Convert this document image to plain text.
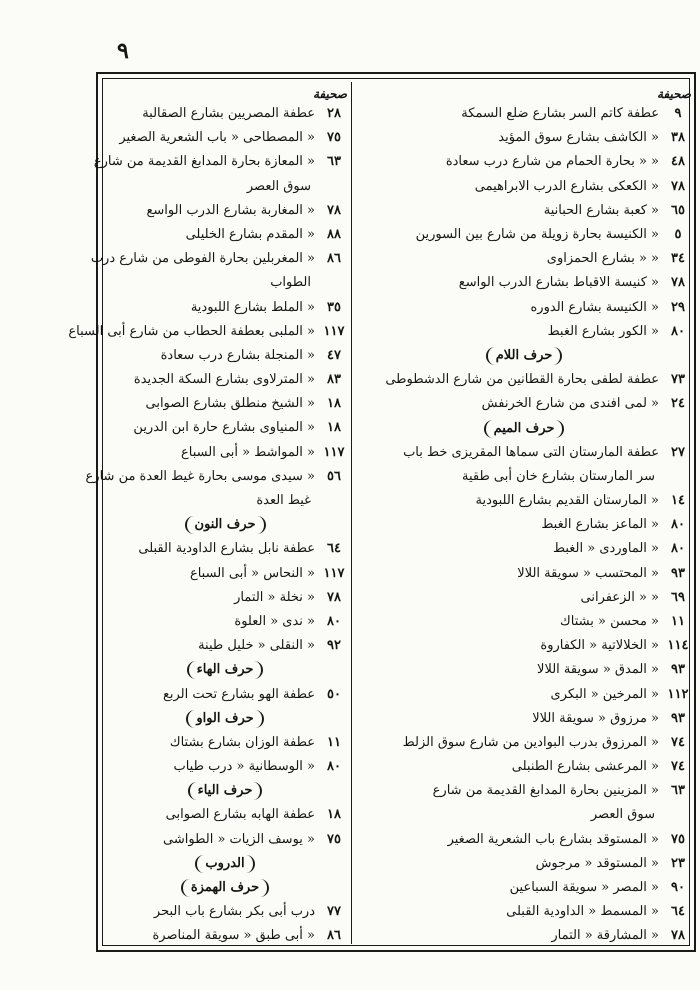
٩
صحيفة
٩
عطفة كاتم السر بشارع ضلع السمكة
٣٨
« الكاشف بشارع سوق المؤيد
٤٨
« « بحارة الحمام من شارع درب سعادة
٧٨
« الكعكى بشارع الدرب الابراهيمى
٦٥
« كعبة بشارع الحبانية
٥
« الكنيسة بحارة زويلة من شارع بين السورين
٣٤
« « بشارع الحمزاوى
٧٨
« كنيسة الاقباط بشارع الدرب الواسع
٢٩
« الكنيسة بشارع الدوره
٨٠
« الكور بشارع الغبط
حرف اللام
٧٣
عطفة لطفى بحارة القطانين من شارع الدشطوطى
٢٤
« لمى افندى من شارع الخرنفش
حرف الميم
٢٧
عطفة المارستان التى سماها المقريزى خط باب
سر المارستان بشارع خان أبى طقية
١٤
« المارستان القديم بشارع اللبودية
٨٠
« الماعز بشارع الغبط
٨٠
« الماوردى « الغبط
٩٣
« المحتسب « سويقة اللالا
٦٩
« « الزعفرانى
١١
« محسن « بشتاك
١١٤
« الخلالاتية « الكفاروة
٩٣
« المدق « سويقة اللالا
١١٢
« المرخين « البكرى
٩٣
« مرزوق « سويقة اللالا
٧٤
« المرزوق بدرب البوادين من شارع سوق الزلط
٧٤
« المرعشى بشارع الطنبلى
٦٣
« المزينين بحارة المدابغ القديمة من شارع
سوق العصر
٧٥
« المستوقد بشارع باب الشعرية الصغير
٢٣
« المستوقد « مرجوش
٩٠
« المصر « سويقة السباعين
٦٤
« المسمط « الداودية القبلى
٧٨
« المشارقة « التمار
صحيفة
٢٨
عطفة المصريين بشارع الصقالبة
٧٥
« المصطاحى « باب الشعرية الصغير
٦٣
« المعازة بحارة المدابغ القديمة من شارع
سوق العصر
٧٨
« المغاربة بشارع الدرب الواسع
٨٨
« المقدم بشارع الخليلى
٨٦
« المغربلين بحارة الفوطى من شارع درب
الطواب
٣٥
« الملط بشارع اللبودية
١١٧
« الملبى بعطفة الحطاب من شارع أبى السباع
٤٧
« المنجلة بشارع درب سعادة
٨٣
« المترلاوى بشارع السكة الجديدة
١٨
« الشيخ منطلق بشارع الصوابى
١٨
« المنياوى بشارع حارة ابن الدرين
١١٧
« المواشط « أبى السباع
٥٦
« سيدى موسى بحارة غيط العدة من شارع
غيط العدة
حرف النون
٦٤
عطفة نابل بشارع الداودية القبلى
١١٧
« النحاس « أبى السباع
٧٨
« نخلة « التمار
٨٠
« ندى « العلوة
٩٢
« النقلى « خليل طينة
حرف الهاء
٥٠
عطفة الهو بشارع تحت الربع
حرف الواو
١١
عطفة الوزان بشارع بشتاك
٨٠
« الوسطانية « درب طياب
حرف الياء
١٨
عطفة الهابه بشارع الصوابى
٧٥
« يوسف الزيات « الطواشى
الدروب
حرف الهمزة
٧٧
درب أبى بكر بشارع باب البحر
٨٦
« أبى طبق « سويقة المناصرة
